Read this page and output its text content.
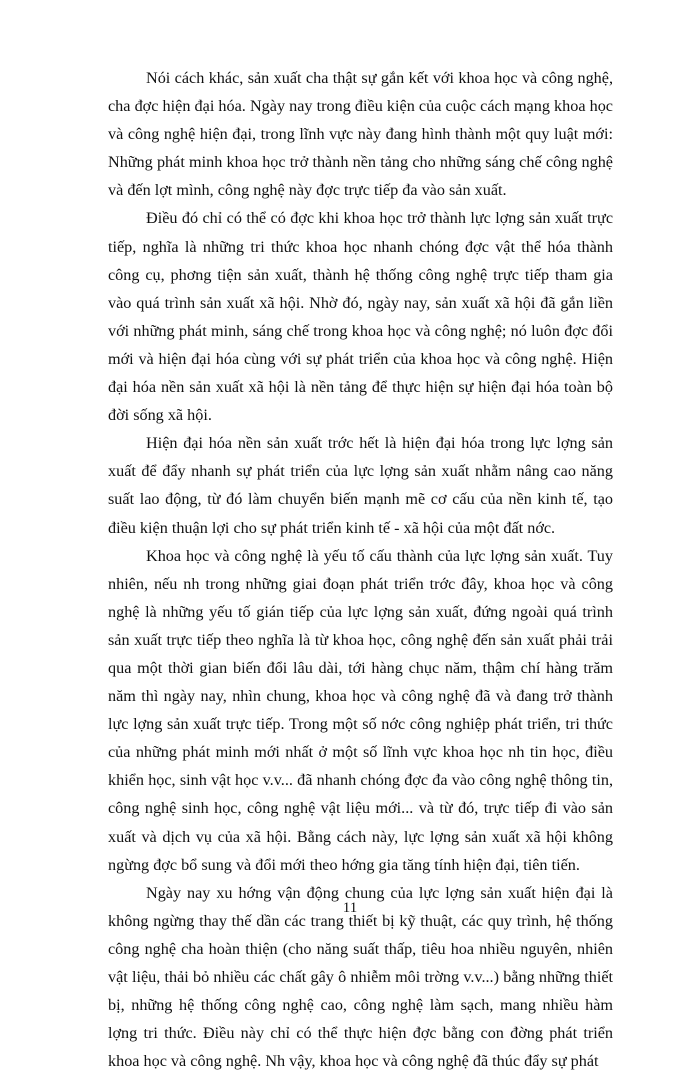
Nói cách khác, sản xuất cha thật sự gắn kết với khoa học và công nghệ, cha đợc hiện đại hóa. Ngày nay trong điều kiện của cuộc cách mạng khoa học và công nghệ hiện đại, trong lĩnh vực này đang hình thành một quy luật mới: Những phát minh khoa học trở thành nền tảng cho những sáng chế công nghệ và đến lợt mình, công nghệ này đợc trực tiếp đa vào sản xuất.

Điều đó chỉ có thể có đợc khi khoa học trở thành lực lợng sản xuất trực tiếp, nghĩa là những tri thức khoa học nhanh chóng đợc vật thể hóa thành công cụ, phơng tiện sản xuất, thành hệ thống công nghệ trực tiếp tham gia vào quá trình sản xuất xã hội. Nhờ đó, ngày nay, sản xuất xã hội đã gắn liền với những phát minh, sáng chế trong khoa học và công nghệ; nó luôn đợc đổi mới và hiện đại hóa cùng với sự phát triển của khoa học và công nghệ. Hiện đại hóa nền sản xuất xã hội là nền tảng để thực hiện sự hiện đại hóa toàn bộ đời sống xã hội.

Hiện đại hóa nền sản xuất trớc hết là hiện đại hóa trong lực lợng sản xuất để đẩy nhanh sự phát triển của lực lợng sản xuất nhằm nâng cao năng suất lao động, từ đó làm chuyển biến mạnh mẽ cơ cấu của nền kinh tế, tạo điều kiện thuận lợi cho sự phát triển kinh tế - xã hội của một đất nớc.

Khoa học và công nghệ là yếu tố cấu thành của lực lợng sản xuất. Tuy nhiên, nếu nh trong những giai đoạn phát triển trớc đây, khoa học và công nghệ là những yếu tố gián tiếp của lực lợng sản xuất, đứng ngoài quá trình sản xuất trực tiếp theo nghĩa là từ khoa học, công nghệ đến sản xuất phải trải qua một thời gian biến đổi lâu dài, tới hàng chục năm, thậm chí hàng trăm năm thì ngày nay, nhìn chung, khoa học và công nghệ đã và đang trở thành lực lợng sản xuất trực tiếp. Trong một số nớc công nghiệp phát triển, tri thức của những phát minh mới nhất ở một số lĩnh vực khoa học nh tin học, điều khiển học, sinh vật học v.v... đã nhanh chóng đợc đa vào công nghệ thông tin, công nghệ sinh học, công nghệ vật liệu mới... và từ đó, trực tiếp đi vào sản xuất và dịch vụ của xã hội. Bằng cách này, lực lợng sản xuất xã hội không ngừng đợc bổ sung và đổi mới theo hớng gia tăng tính hiện đại, tiên tiến.

Ngày nay xu hớng vận động chung của lực lợng sản xuất hiện đại là không ngừng thay thế dần các trang thiết bị kỹ thuật, các quy trình, hệ thống công nghệ cha hoàn thiện (cho năng suất thấp, tiêu hoa nhiều nguyên, nhiên vật liệu, thải bỏ nhiều các chất gây ô nhiễm môi trờng v.v...) bằng những thiết bị, những hệ thống công nghệ cao, công nghệ làm sạch, mang nhiều hàm lợng tri thức. Điều này chỉ có thể thực hiện đợc bằng con đờng phát triển khoa học và công nghệ. Nh vậy, khoa học và công nghệ đã thúc đẩy sự phát

11
